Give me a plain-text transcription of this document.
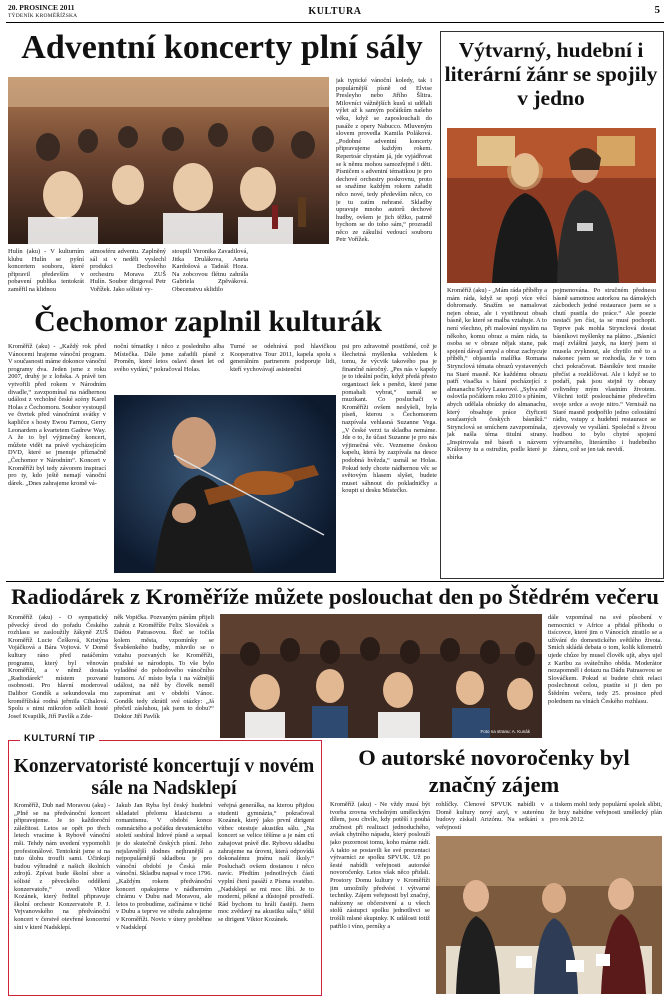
20. PROSINCE 2011
TÝDENÍK KROMĚŘÍŽSKA	KULTURA	5
Adventní koncerty plní sály
Hulín (aku) - V kulturním klubu Hulín se pyšní koncertem souboru, které připravil především v pobavení publika tentokrát zaměřil na klidnou
atmosféru adventu. Zaplněný sál si v neděli vyslechl produkci Dechového orchestru Morava ZUŠ Hulín. Soubor dirigoval Petr Vořížek. Jako sólisté vy-
stoupili Veronika Zavadilová, Jitka Drulákova, Aneta Kardošová a Tadeáš Hoza. Na zobcovou flétnu zahrála Gabriela Zpěváková. Obecenstvu sklidilo
jak typické vánoční koledy, tak i populárnější písně od Elvise Presleyho nebo Jiřího Šlitra. Milovníci vážnějších kusů si udělali výlet až k samým počátkům našeho věku, když se zaposlouchali do pasáže z opery Nabucco. Mluveným slovem provedla Kamila Poláková. „Podobné adventní koncerty připravujeme každým rokem. Repertoár chystám já, jde vyjádřovat se k němu mohou samozřejmě i děti. Písničem s adventní tématikou je pro dechové orchestry poskrovnu, proto se snažíme každým rokem zařadit něco nové, tedy především něco, co je tu zatím nehrané. Skladby upravuje mnoho autorů dechové hudby, ovšem je jich těžko, patrně bychom se do toho sám,“ prozradil něco ze zákulisí vedoucí souboru Petr Vořížek.
Čechomor zaplnil kulturák
Kroměříž (aku) - „Každý rok před Vánocemi hrajeme vánoční program. V současnosti máme dokonce vánoční programy dva. Jeden jsme z roku 2007, druhý je z loňska. A právě ten vytvořili před rokem v Národním divadle,“ zavzpomínal na nádhernou událost z vrcholné české scény Karel Holas z Čechomoru. Soubor vystoupil ve čtvrtek před vánočními svátky v kapličce s hosty Ewou Farnou, Gerry Leonardem a kvartetem Gadrew Way. A že to byl výjimečný koncert, můžete vidět na právě vycházejícím DVD, které se jmenuje příznačně „Čechomor v Národním“. Koncert v Kroměříži byl tedy závorem inspirací pro ty, kdo ještě nemají vánoční dárek. „Dnes zahrajeme kromě vá-
noční tématiky i něco z posledního alba Místečka. Dále jsme zařadili písně z Proměn, které letos oslaví deset let od svého vydání,“ pokračoval Holas.
Turné se odehrává pod hlavičkou Kooperativa Tour 2011, kapela spolu s generálním partnerem podporuje lidi, kteří vychovávají asistenční
psi pro zdravotně postižené, což je šlechetná myšlenka vzhledem k tomu, že výcvik takového psa je finančně náročný. „Pes nás v kapely je to ideální počin, když předá přesto organizaci šek s penězi, které jsme pomahali vybrat,“ usmál se muzikant. Co posluchači v Kroměříži ovšem neslyšeli, byla píseň, kterou s Čechomorem nazpívala vehlasná Suzanne Vega. „V české verzi ta skladba nemáme. Jde o to, že účast Suzanne je pro nás výjimečná věc. Vezmeme českou kapelu, která by zazpívala na desce podobná hvězda,“ usmál se Holas. Pokud tedy chcete nádhernou věc se světovým hlasem slyšet, budete muset sáhnout do pokladničky a koupit si desku Místečko.
Výtvarný, hudební i literární žánr se spojily v jedno
Kroměříž (aku) - „Mám ráda příběhy a mám ráda, když se spojí více věcí dohromady. Snažím se namalovat nejen obraz, ale i vystihnout obsah básně, ke které se malba vztahuje. A to není všechno, při malování myslím na někoho, komu obraz a mám ráda, ta osoba se v obraze nějak stane, pak spojení dávají smysl a obraz zachycuje příběh,“ objasnila malířka Romana Strynclová témata obrazů vystavených na Staré masně. Ke každému obrazu patří visačka s básní pocházející z almanachu Sylvy Lauerové. „Sylva mě oslovila počátkem roku 2010 s přáním, abych udělala obrázky do almanachu, který obsahuje práce čtyřiceti současných českých básníků.“ Strynclová se smíchem zavzpomínala, jak našla téma titulní strany. „Inspirovala mě báseň s názvem Královny tu a ostružin, podle které je sbírka
pojmenována. Po stručném přednesu básně samotnou autorkou na dámských zácbodech jedné restaurace jsem se s chutí pustila do práce.“ Ale poezie nestačí jen číst, ta se musí pochopit. Teprve pak mohla Strynclová dostat básníkovi myšlenky na plátno. „Básníci mají zvláštní jazyk, na který jsem si musela zvyknout, ale chytilo mě to a nakonec jsem se rozhodla, že v tom chci pokračovat. Básníkův text musíte přečíst a rozklíčovat. Ale i když se to podaří, pak jsou stejně ty obrazy ovlivněny mým vlastním životem. Všichni totiž posloucháme předevčím svoje srdce a svoje nitro.“ Vernisáž na Staré masně podpořilo jedno celostátní rádio, vstupy z hudební restaurace se zjevovaly ve vysílání. Společně s živou hudbou to bylo chytré spojení výtvarného, literárního i hudebního žánru, což se jen tak nevidí.
Radiodárek z Kroměříže můžete poslouchat den po Štědrém večeru
Kroměříž (aku) - O sympatický pěvecký úvod do pořadu Českého rozhlasu se zasloužily žákyně ZUŠ Kroměříž Lucie Češková, Kristýna Vojáčková a Bára Vojtová. V Domě kultury ráno před natáčením programu, který byl věnován Kroměříži, a v němž dostala „Radiodárek“ místem pozvané osobnosti. Pro hlavní moderoval Dalibor Gondík a sekundovala mu kroměřížská rodná jeřmila Cihalová. Spolu s nimi mikrofon sdíleli hosté Josef Kvapilík, Jiří Pavlík a Zde-
něk Vopička. Pozvaným pánům přijeli zahrát z Kroměříže Felix Slováček s Dádou Patrasovou. Řeč se točila kolem města, vzpomínky se Švabšenkého hudby, mluvilo se o vztahu pozvaných ke Kroměříži, pražské se národopis. To vše bylo vyladěné do pohodového vánočního humoru. Ať místo byla i na vážnější událost, na něž by člověk neměl zapomínat ani v období Vánoc. Gondík tedy zkrátil své otázky: „Já přečetl zásluhou, jak jsem to dobu?“ Doktor Jiří Pavlík
Foto na stranu: A. Kunák
dále vzpomínal na své působení v nemocnici v Africe a přidal příhodu o tisícovce, které jim o Vánocích ztratilo se a užívání do domestického světlého života. Smích skládá debata o tom, kolik kilometrů ujede chůze by musel člověk ujít, abys ujel z Karibu za svátečního oběda. Moderátor nezapomněl i dotazu na Dádu Patrasovou se Slováčkem. Pokud si budete chtít relaci poslechnout celou, pustíte si ji den po Štědrém večeru, tedy 25. prosince před polednem na vlnách Českého rozhlasu.
KULTURNÍ TIP
Konzervatoristé koncertují v novém sále na Nadsklepí
Kroměříž, Dub nad Moravou (aku) - „Plně se na předvánoční koncert připravujeme. Je to každoroční záležitost. Letos se opět po třech letech vracíme k Rybově vánoční mši. Tehdy nám uvedení vypomohli profesionálové. Tentokrát jsme si na tuto úlohu troufli sami. Účinkují budou výhradně z našich školních zdrojů. Zpívat bude školní sbor a sólisté z pěveckého oddělení konzervatoře,“ uvedl Viktor Kozánek, který ředitel připravuje školní orchestr Konzervatoře P. J. Vejvanovského na předvánoční koncert v čerstvě otevřené koncertní síni v které Nadsklepí.
Jakub Jan Ryba byl český hudební skladatel přelomu klasicismu a romantismu. V období konce osmnáctého a počátku devatenáctého století sesbíral lidové písně a sepsal je do skutečně českých písní. Jeho nejslavnější dodnes nejhranější a nejpopulárnější skladbou je pro vánoční období je Česká mše vánoční. Skladbu napsal v roce 1796. „Každým rokem předvánoční koncert opakujeme v nádherném chrámu v Dubu nad Moravou, ale letos to probudíme, začínáme v tiché v Dubu a teprve ve středu zahrajeme v Kroměříži. Novic v útery proběhne v Nadsklepí
veřejná generálka, na kterou přijdou studenti gymnázia,“ pokračoval Kozánek, který jako první dirigent vítbec otestuje akustiku sálu. „Na koncert se velice těšíme a je nám ctí zahajovat právě dle. Rybovu skladbu zahrajeme na úrovni, která odpovídá dokonalému jménu naší školy.“ Posluchači ovšem dostanou i něco navíc. Předtím jednotlivých částí vyplní čtení pasáží z Písma svatého. „Nadsklepí se mi moc líbí. Je to moderní, pěkné a důstojně prostředí. Rád bychom tu hráli častěji. Jsem moc zvědavý na akustiku sálu,“ těšil se dirigent Viktor Kozánek.
O autorské novoročenky byl značný zájem
Kroměříž (aku) - Ne vždy musí být tvorba zrovna vrcholným uměleckým dílem, jsou chvíle, kdy potěší i pouhá zručnost při realizaci jednoduchého, avšak chytrého nápadu, který poslouží jako pozornost tomu, koho máme rádi. A takto se postavili ke své prezentaci výtvarníci ze spolku SPVUK. Už po šesté nabídli veřejnosti autorské novoročenky. Letos však něco přidali. Prostory Domu kultury v Kroměříži jim umožnily předvést i výtvarné techniky. Zájem veřejnosti byl značný, nabízeny se občerstvení a u všech stolů zástupci spolku jednotlivci se trošíli mlsné skupinky. K události totiž patřilo i víno, perníky a
rohlíčky. Členové SPVUK nabídli v Domě kultury nový azyl, v suterénu budovy získali Arizónu. Na setkání s veřejností
a tiskem mohl tedy populární spolek slíbit, že brzy nabídne veřejnosti umělecký plán pro rok 2012.
